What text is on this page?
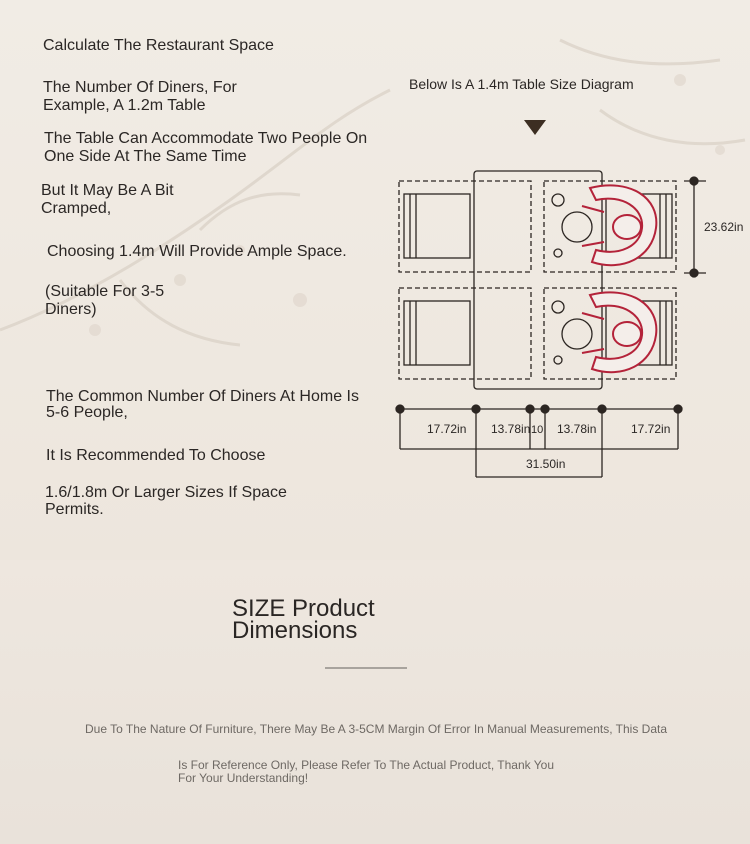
Calculate The Restaurant Space
The Number Of Diners, For
Example, A 1.2m Table
The Table Can Accommodate Two People On
One Side At The Same Time
But It May Be A Bit
Cramped,
Choosing 1.4m Will Provide Ample Space.
(Suitable For 3-5
Diners)
The Common Number Of Diners At Home Is
5-6 People,
It Is Recommended To Choose
1.6/1.8m Or Larger Sizes If Space
Permits.
Below Is A 1.4m Table Size Diagram
23.62in
17.72in 13.78in 10 13.78in	17.72in
31.50in
SIZE Product
Dimensions
Due To The Nature Of Furniture, There May Be A 3-5CM Margin Of Error In Manual Measurements, This Data
Is For Reference Only, Please Refer To The Actual Product, Thank You
For Your Understanding!
